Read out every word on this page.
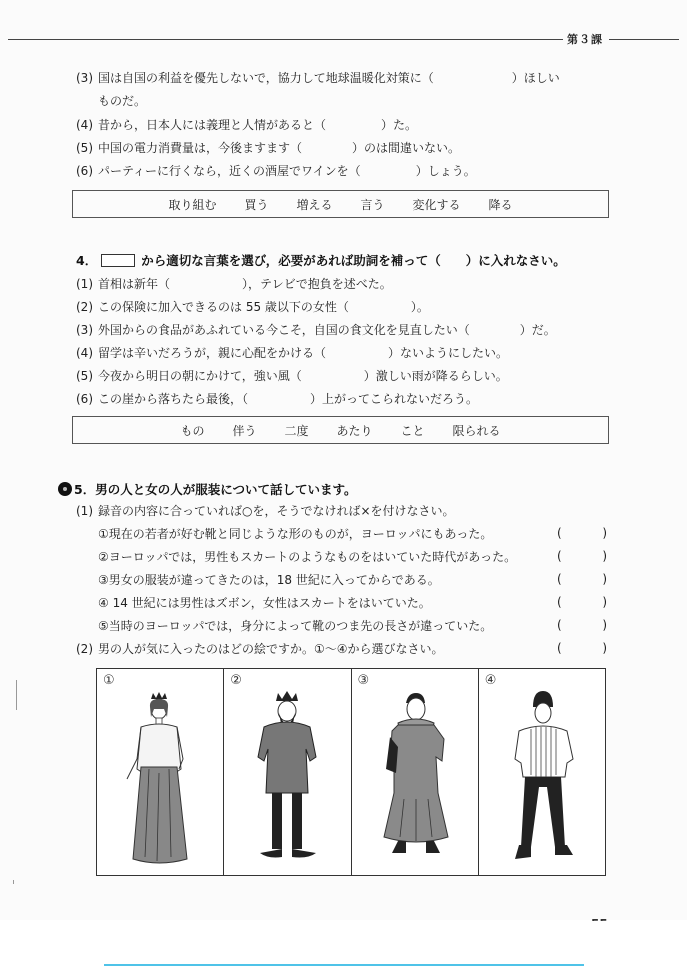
第３課
(3) 国は自国の利益を優先しないで，協力して地球温暖化対策に（	）ほしい
ものだ。
(4) 昔から，日本人には義理と人情があると（	）た。
(5) 中国の電力消費量は，今後ますます（	）のは間違いない。
(6) パーティーに行くなら，近くの酒屋でワインを（	）しょう。
取り組む 買う 増える 言う 変化する 降る
4．	から適切な言葉を選び，必要があれば助詞を補って（　　）に入れなさい。
(1) 首相は新年（	），テレビで抱負を述べた。
(2) この保険に加入できるのは 55 歳以下の女性（	）。
(3) 外国からの食品があふれている今こそ，自国の食文化を見直したい（	）だ。
(4) 留学は辛いだろうが，親に心配をかける（	）ないようにしたい。
(5) 今夜から明日の朝にかけて，強い風（	）激しい雨が降るらしい。
(6) この崖から落ちたら最後，（	）上がってこられないだろう。
もの 伴う 二度 あたり こと 限られる
5．男の人と女の人が服装について話しています。
(1) 録音の内容に合っていれば○を，そうでなければ×を付けなさい。
①現在の若者が好む靴と同じような形のものが，ヨーロッパにもあった。	(	)
②ヨーロッパでは，男性もスカートのようなものをはいていた時代があった。	(	)
③男女の服装が違ってきたのは，18 世紀に入ってからである。	(	)
④ 14 世紀には男性はズボン，女性はスカートをはいていた。	(	)
⑤当時のヨーロッパでは，身分によって靴のつま先の長さが違っていた。	(	)
(2) 男の人が気に入ったのはどの絵ですか。①～④から選びなさい。	(	)
①	②	③	④
